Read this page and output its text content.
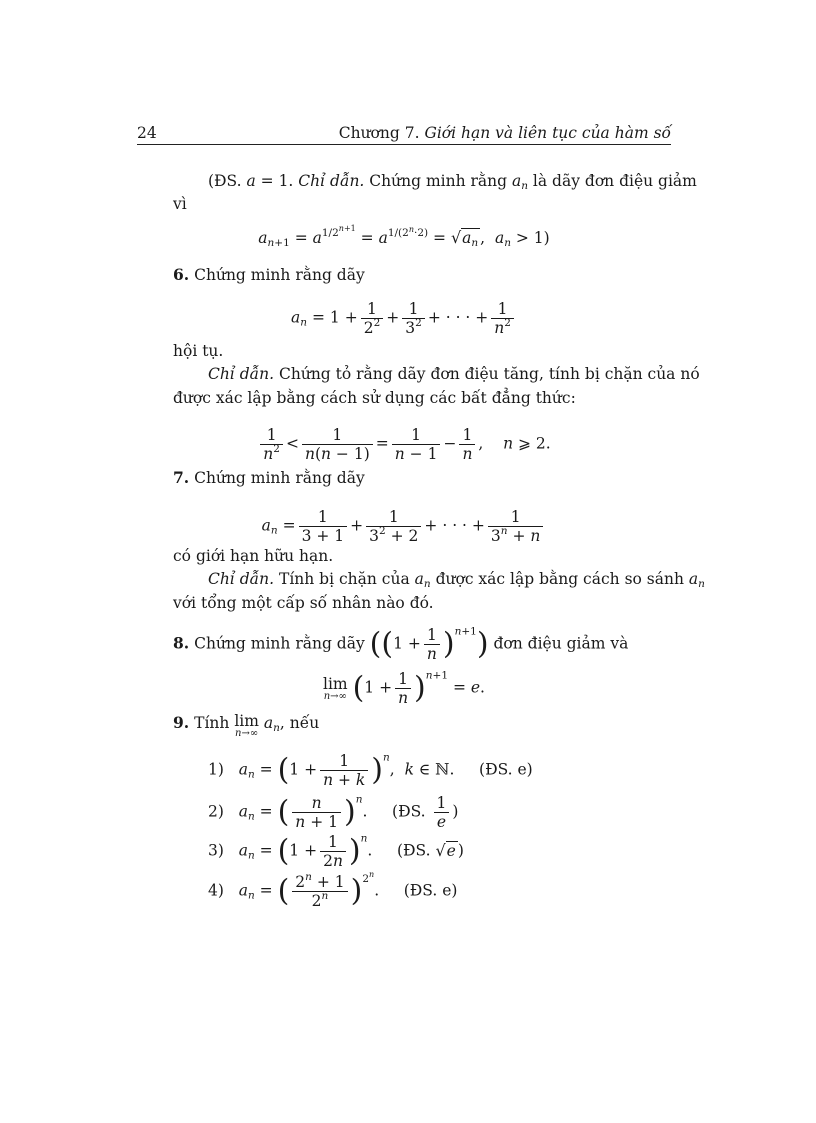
24	Chương 7. Giới hạn và liên tục của hàm số
(ĐS. a = 1. Chỉ dẫn. Chứng minh rằng $a_n$ là dãy đơn điệu giảm
vì
$a_{n+1} = a^{1/2^{n+1}} = a^{1/(2^n\cdot 2)} = √a_n$ ,  $a_n > 1$)
6. Chứng minh rằng dãy
$a_n = 1 + \frac{1}{2^2} + \frac{1}{3^2}$ + · · · + $\frac{1}{n^2}$
hội tụ.
Chỉ dẫn. Chứng tỏ rằng dãy đơn điệu tăng, tính bị chặn của nó
được xác lập bằng cách sử dụng các bất đẳng thức:
$\frac{1}{n^2} < \frac{1}{n(n - 1)} = \frac{1}{n - 1} - \frac{1}{n}$ ,    n ⩾ 2.
7. Chứng minh rằng dãy
$a_n = \frac{1}{3 + 1} + \frac{1}{3^2 + 2}$ + · · · + $\frac{1}{3^n + n}$
có giới hạn hữu hạn.
Chỉ dẫn. Tính bị chặn của $a_n$ được xác lập bằng cách so sánh $a_n$
với tổng một cấp số nhân nào đó.
8. Chứng minh rằng dãy $((1 + \frac{1}{n} )^{n+1})$ đơn điệu giảm và
lim
n→∞ $(1 + \frac{1}{n} )^{n+1} = e$.
9. Tính lim
n→∞
$a_n$, nếu
1) $a_n = (1 + \frac{1}{n + k} )^n$,  k ∈ ℕ.     (ĐS. e)
2) $a_n$ = ( $\frac{n}{n + 1} )^n$.     (ĐS. $\frac{1}{e}$ )
3) $a_n = (1 + \frac{1}{2n} )^n$.     (ĐS. √e )
4) $a_n$ = ( $\frac{2^n + 1}{2^n} )^{2^n}$.     (ĐS. e)
